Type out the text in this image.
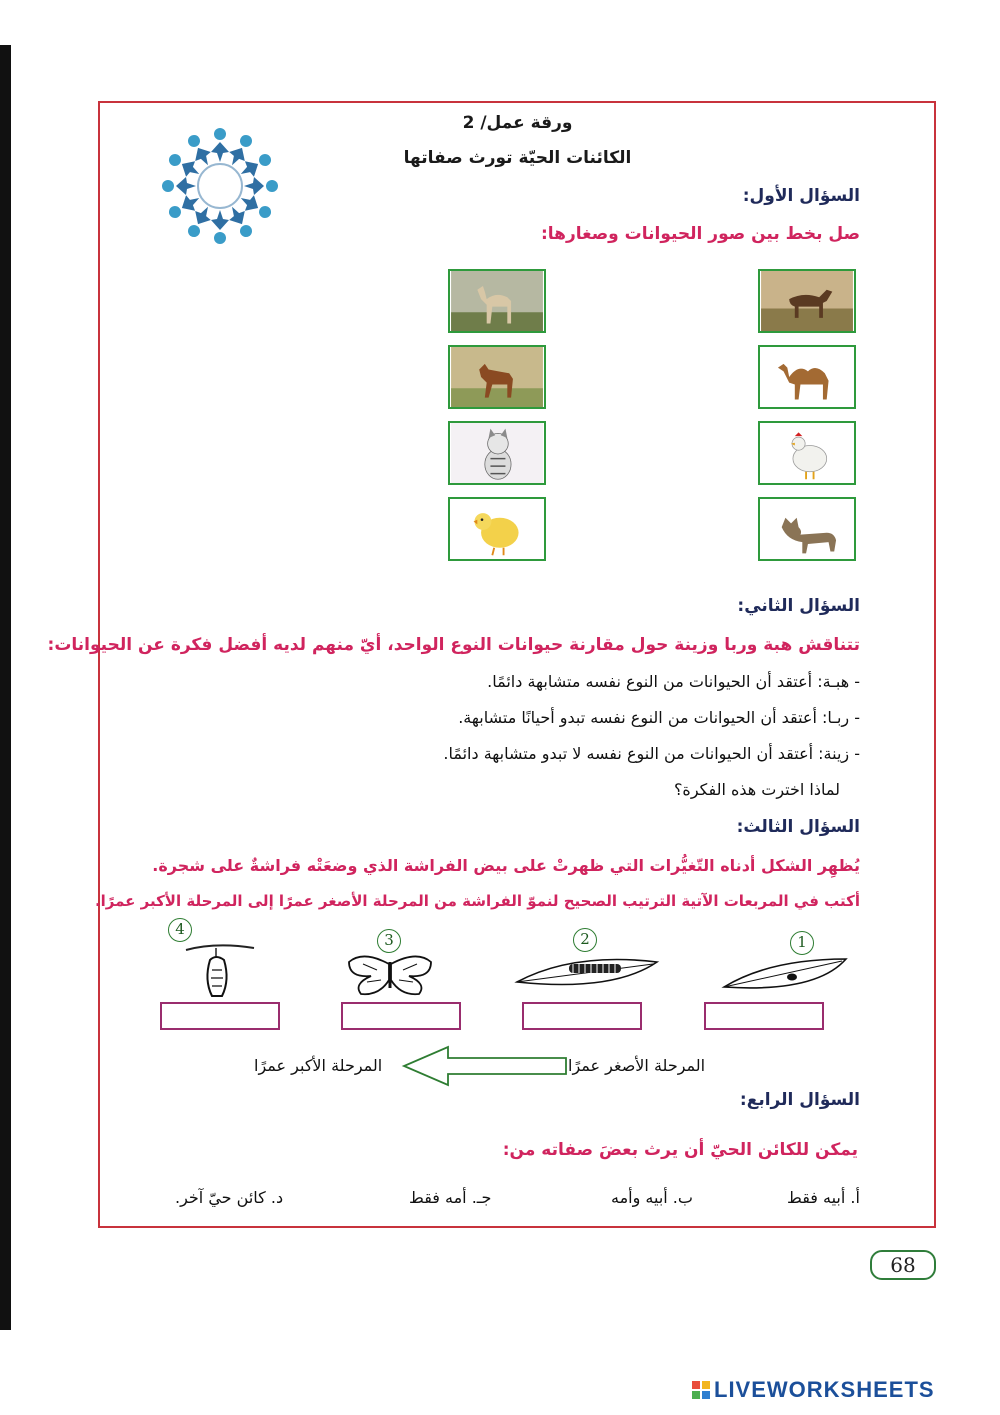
ورقة عمل/ 2
الكائنات الحيّة تورث صفاتها
السؤال الأول:
صل بخط بين صور الحيوانات وصغارها:
السؤال الثاني:
تتناقش هبة وربا وزينة حول مقارنة حيوانات النوع الواحد، أيّ منهم لديه أفضل فكرة عن الحيوانات:
- هبـة: أعتقد أن الحيوانات من النوع نفسه متشابهة دائمًا.
- ربـا: أعتقد أن الحيوانات من النوع نفسه تبدو أحيانًا متشابهة.
- زينة: أعتقد أن الحيوانات من النوع نفسه لا تبدو متشابهة دائمًا.
لماذا اخترت هذه الفكرة؟
السؤال الثالث:
يُظهِر الشكل أدناه التّغيُّرات التي ظهرتْ على بيض الفراشة الذي وضعَتْه فراشةٌ على شجرة.
أكتب في المربعات الآتية الترتيب الصحيح لنموّ الفراشة من المرحلة الأصغر عمرًا إلى المرحلة الأكبر عمرًا.
4
3	2	1
المرحلة الأصغر عمرًا
المرحلة الأكبر عمرًا
السؤال الرابع:
يمكن للكائن الحيّ أن يرث بعضَ صفاته من:
أ. أبيه فقط
ب. أبيه وأمه
جـ. أمه فقط
د. كائن حيّ آخر.
68
LIVEWORKSHEETS
